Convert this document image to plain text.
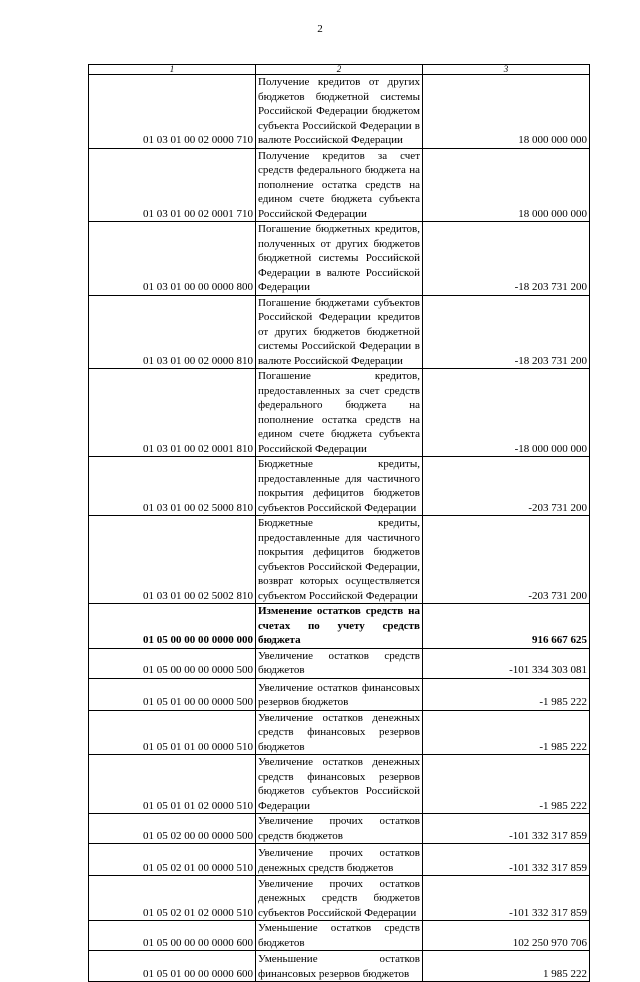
2
1	2	3
01 03 01 00 02 0000 710	Получение кредитов от других бюджетов бюджетной системы Российской Федерации бюджетом субъекта Российской Федерации в валюте Российской Федерации	18 000 000 000
01 03 01 00 02 0001 710	Получение кредитов за счет средств федерального бюджета на пополнение остатка средств на едином счете бюджета субъекта Российской Федерации	18 000 000 000
01 03 01 00 00 0000 800	Погашение бюджетных кредитов, полученных от других бюджетов бюджетной системы Российской Федерации в валюте Российской Федерации	-18 203 731 200
01 03 01 00 02 0000 810	Погашение бюджетами субъектов Российской Федерации кредитов от других бюджетов бюджетной системы Российской Федерации в валюте Российской Федерации	-18 203 731 200
01 03 01 00 02 0001 810	Погашение кредитов, предоставленных за счет средств федерального бюджета на пополнение остатка средств на едином счете бюджета субъекта Российской Федерации	-18 000 000 000
01 03 01 00 02 5000 810	Бюджетные кредиты, предоставленные для частичного покрытия дефицитов бюджетов субъектов Российской Федерации	-203 731 200
01 03 01 00 02 5002 810	Бюджетные кредиты, предоставленные для частичного покрытия дефицитов бюджетов субъектов Российской Федерации, возврат которых осуществляется субъектом Российской Федерации	-203 731 200
01 05 00 00 00 0000 000	Изменение остатков средств на счетах по учету средств бюджета	916 667 625
01 05 00 00 00 0000 500	Увеличение остатков средств бюджетов	-101 334 303 081
01 05 01 00 00 0000 500	Увеличение остатков финансовых резервов бюджетов	-1 985 222
01 05 01 01 00 0000 510	Увеличение остатков денежных средств финансовых резервов бюджетов	-1 985 222
01 05 01 01 02 0000 510	Увеличение остатков денежных средств финансовых резервов бюджетов субъектов Российской Федерации	-1 985 222
01 05 02 00 00 0000 500	Увеличение прочих остатков средств бюджетов	-101 332 317 859
01 05 02 01 00 0000 510	Увеличение прочих остатков денежных средств бюджетов	-101 332 317 859
01 05 02 01 02 0000 510	Увеличение прочих остатков денежных средств бюджетов субъектов Российской Федерации	-101 332 317 859
01 05 00 00 00 0000 600	Уменьшение остатков средств бюджетов	102 250 970 706
01 05 01 00 00 0000 600	Уменьшение остатков финансовых резервов бюджетов	1 985 222
